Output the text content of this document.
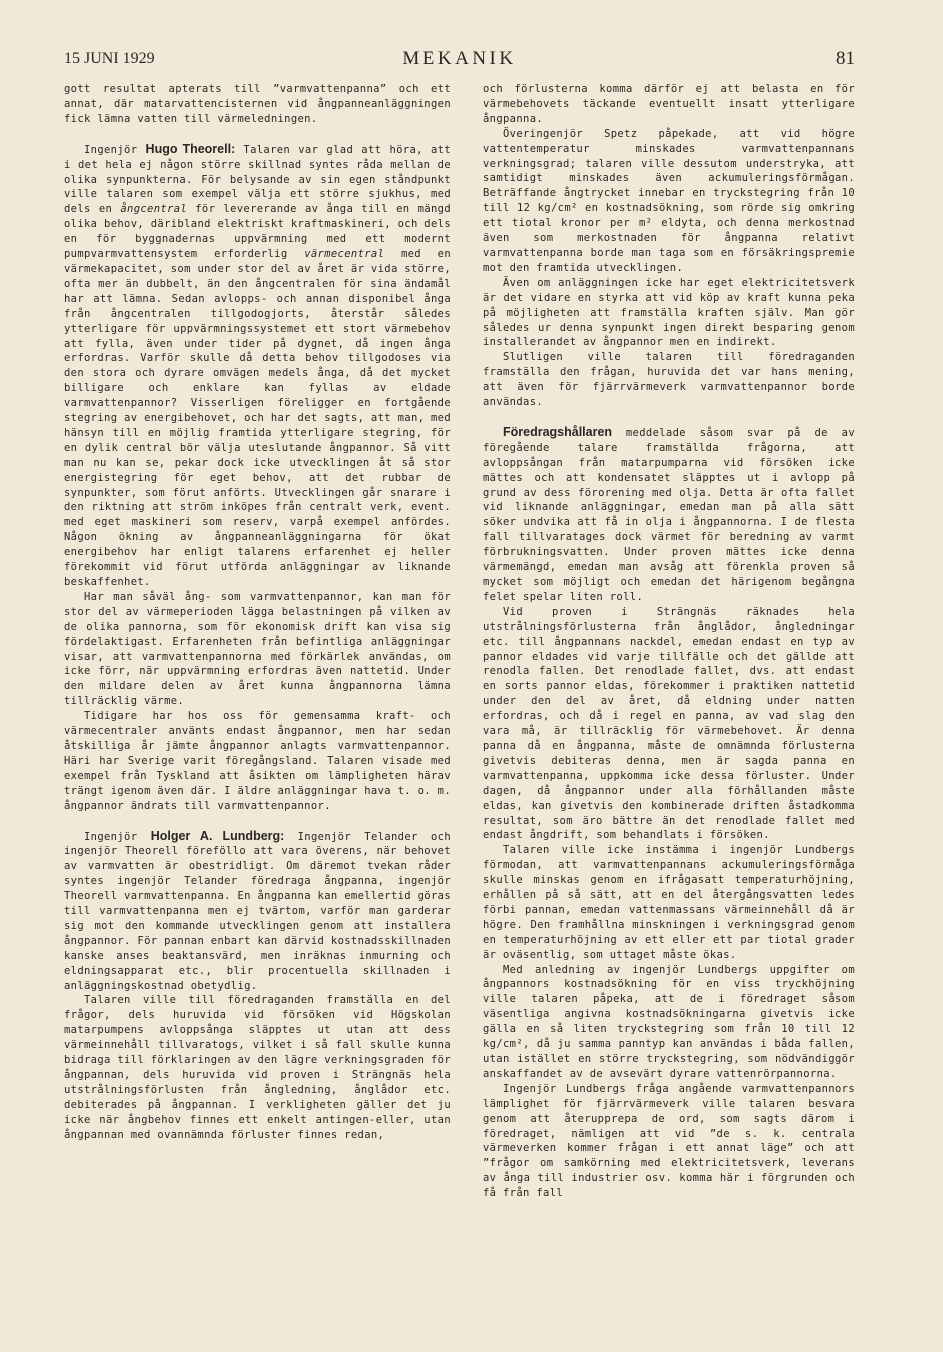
15 JUNI 1929	MEKANIK	81

gott resultat apterats till ”varmvattenpanna” och ett annat, där matarvattencisternen vid ångpanneanläggningen fick lämna vatten till värmeledningen.

Ingenjör Hugo Theorell: Talaren var glad att höra, att i det hela ej någon större skillnad syntes råda mellan de olika synpunkterna. För belysande av sin egen ståndpunkt ville talaren som exempel välja ett större sjukhus, med dels en ångcentral för levererande av ånga till en mängd olika behov, däribland elektriskt kraftmaskineri, och dels en för byggnadernas uppvärmning med ett modernt pumpvarmvattensystem erforderlig värmecentral med en värmekapacitet, som under stor del av året är vida större, ofta mer än dubbelt, än den ångcentralen för sina ändamål har att lämna. Sedan avlopps- och annan disponibel ånga från ångcentralen tillgodogjorts, återstår således ytterligare för uppvärmningssystemet ett stort värmebehov att fylla, även under tider på dygnet, då ingen ånga erfordras. Varför skulle då detta behov tillgodoses via den stora och dyrare omvägen medels ånga, då det mycket billigare och enklare kan fyllas av eldade varmvattenpannor? Visserligen föreligger en fortgående stegring av energibehovet, och har det sagts, att man, med hänsyn till en möjlig framtida ytterligare stegring, för en dylik central bör välja uteslutande ångpannor. Så vitt man nu kan se, pekar dock icke utvecklingen åt så stor energistegring för eget behov, att det rubbar de synpunkter, som förut anförts. Utvecklingen går snarare i den riktning att ström inköpes från centralt verk, event. med eget maskineri som reserv, varpå exempel anfördes. Någon ökning av ångpanneanläggningarna för ökat energibehov har enligt talarens erfarenhet ej heller förekommit vid förut utförda anläggningar av liknande beskaffenhet.

Har man såväl ång- som varmvattenpannor, kan man för stor del av värmeperioden lägga belastningen på vilken av de olika pannorna, som för ekonomisk drift kan visa sig fördelaktigast. Erfarenheten från befintliga anläggningar visar, att varmvattenpannorna med förkärlek användas, om icke förr, när uppvärmning erfordras även nattetid. Under den mildare delen av året kunna ångpannorna lämna tillräcklig värme.

Tidigare har hos oss för gemensamma kraft- och värmecentraler använts endast ångpannor, men har sedan åtskilliga år jämte ångpannor anlagts varmvattenpannor. Häri har Sverige varit föregångsland. Talaren visade med exempel från Tyskland att åsikten om lämpligheten härav trängt igenom även där. I äldre anläggningar hava t. o. m. ångpannor ändrats till varmvattenpannor.

Ingenjör Holger A. Lundberg: Ingenjör Telander och ingenjör Theorell föreföllo att vara överens, när behovet av varmvatten är obestridligt. Om däremot tvekan råder syntes ingenjör Telander föredraga ångpanna, ingenjör Theorell varmvattenpanna. En ångpanna kan emellertid göras till varmvattenpanna men ej tvärtom, varför man garderar sig mot den kommande utvecklingen genom att installera ångpannor. För pannan enbart kan därvid kostnadsskillnaden kanske anses beaktansvärd, men inräknas inmurning och eldningsapparat etc., blir procentuella skillnaden i anläggningskostnad obetydlig.

Talaren ville till föredraganden framställa en del frågor, dels huruvida vid försöken vid Högskolan matarpumpens avloppsånga släpptes ut utan att dess värmeinnehåll tillvaratogs, vilket i så fall skulle kunna bidraga till förklaringen av den lägre verkningsgraden för ångpannan, dels huruvida vid proven i Strängnäs hela utstrålningsförlusten från ångledning, ånglådor etc. debiterades på ångpannan. I verkligheten gäller det ju icke när ångbehov finnes ett enkelt antingen-eller, utan ångpannan med ovannämnda förluster finnes redan,

och förlusterna komma därför ej att belasta en för värmebehovets täckande eventuellt insatt ytterligare ångpanna.

Överingenjör Spetz påpekade, att vid högre vattentemperatur minskades varmvattenpannans verkningsgrad; talaren ville dessutom understryka, att samtidigt minskades även ackumuleringsförmågan. Beträffande ångtrycket innebar en tryckstegring från 10 till 12 kg/cm² en kostnadsökning, som rörde sig omkring ett tiotal kronor per m² eldyta, och denna merkostnad även som merkostnaden för ångpanna relativt varmvattenpanna borde man taga som en försäkringspremie mot den framtida utvecklingen.

Även om anläggningen icke har eget elektricitetsverk är det vidare en styrka att vid köp av kraft kunna peka på möjligheten att framställa kraften själv. Man gör således ur denna synpunkt ingen direkt besparing genom installerandet av ångpannor men en indirekt.

Slutligen ville talaren till föredraganden framställa den frågan, huruvida det var hans mening, att även för fjärrvärmeverk varmvattenpannor borde användas.

Föredragshållaren meddelade såsom svar på de av föregående talare framställda frågorna, att avloppsångan från matarpumparna vid försöken icke mättes och att kondensatet släpptes ut i avlopp på grund av dess förorening med olja. Detta är ofta fallet vid liknande anläggningar, emedan man på alla sätt söker undvika att få in olja i ångpannorna. I de flesta fall tillvaratages dock värmet för beredning av varmt förbrukningsvatten. Under proven mättes icke denna värmemängd, emedan man avsåg att förenkla proven så mycket som möjligt och emedan det härigenom begångna felet spelar liten roll.

Vid proven i Strängnäs räknades hela utstrålningsförlusterna från ånglådor, ångledningar etc. till ångpannans nackdel, emedan endast en typ av pannor eldades vid varje tillfälle och det gällde att renodla fallen. Det renodlade fallet, dvs. att endast en sorts pannor eldas, förekommer i praktiken nattetid under den del av året, då eldning under natten erfordras, och då i regel en panna, av vad slag den vara må, är tillräcklig för värmebehovet. Är denna panna då en ångpanna, måste de omnämnda förlusterna givetvis debiteras denna, men är sagda panna en varmvattenpanna, uppkomma icke dessa förluster. Under dagen, då ångpannor under alla förhållanden måste eldas, kan givetvis den kombinerade driften åstadkomma resultat, som äro bättre än det renodlade fallet med endast ångdrift, som behandlats i försöken.

Talaren ville icke instämma i ingenjör Lundbergs förmodan, att varmvattenpannans ackumuleringsförmåga skulle minskas genom en ifrågasatt temperaturhöjning, erhållen på så sätt, att en del återgångsvatten ledes förbi pannan, emedan vattenmassans värmeinnehåll då är högre. Den framhållna minskningen i verkningsgrad genom en temperaturhöjning av ett eller ett par tiotal grader är oväsentlig, som uttaget måste ökas.

Med anledning av ingenjör Lundbergs uppgifter om ångpannors kostnadsökning för en viss tryckhöjning ville talaren påpeka, att de i föredraget såsom väsentliga angivna kostnadsökningarna givetvis icke gälla en så liten tryckstegring som från 10 till 12 kg/cm², då ju samma panntyp kan användas i båda fallen, utan istället en större tryckstegring, som nödvändiggör anskaffandet av de avsevärt dyrare vattenrörpannorna.

Ingenjör Lundbergs fråga angående varmvattenpannors lämplighet för fjärrvärmeverk ville talaren besvara genom att återupprepa de ord, som sagts därom i föredraget, nämligen att vid ”de s. k. centrala värmeverken kommer frågan i ett annat läge” och att ”frågor om samkörning med elektricitetsverk, leverans av ånga till industrier osv. komma här i förgrunden och få från fall
